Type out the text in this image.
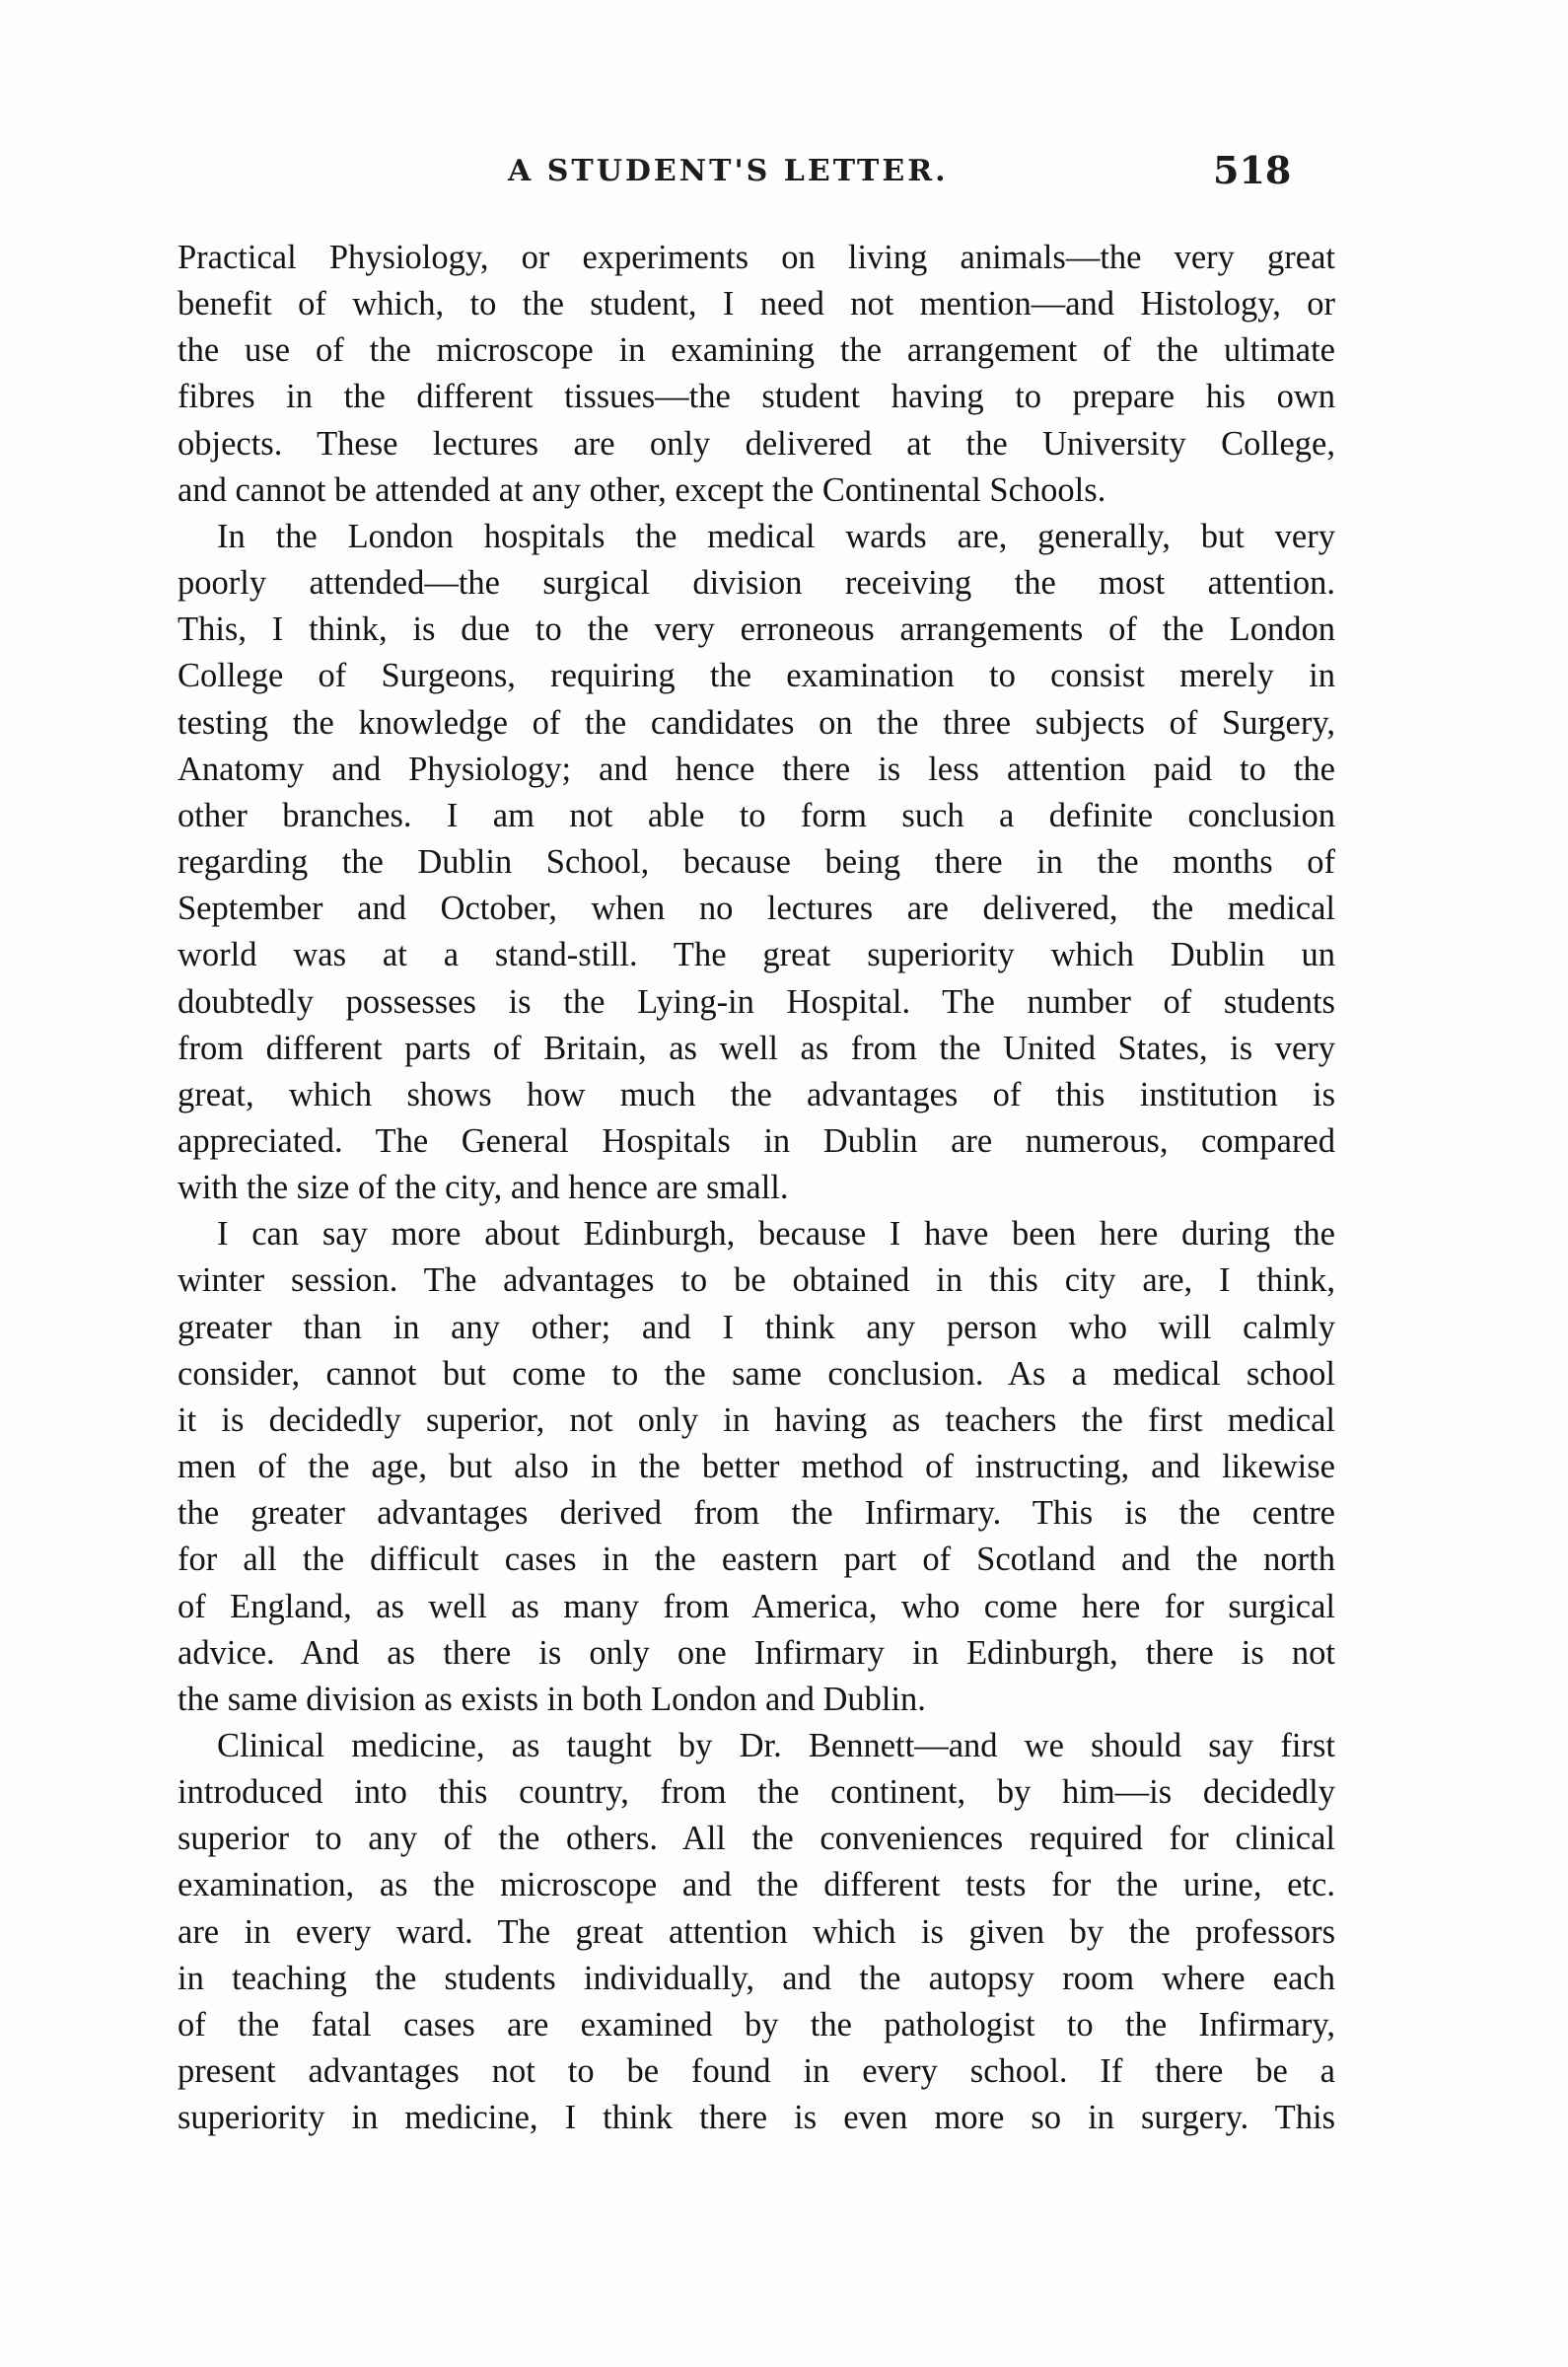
A STUDENT'S LETTER.	518

Practical Physiology, or experiments on living animals—the very great
benefit of which, to the student, I need not mention—and Histology, or
the use of the microscope in examining the arrangement of the ultimate
fibres in the different tissues—the student having to prepare his own
objects. These lectures are only delivered at the University College,
and cannot be attended at any other, except the Continental Schools.

In the London hospitals the medical wards are, generally, but very
poorly attended—the surgical division receiving the most attention.
This, I think, is due to the very erroneous arrangements of the London
College of Surgeons, requiring the examination to consist merely in
testing the knowledge of the candidates on the three subjects of Surgery,
Anatomy and Physiology; and hence there is less attention paid to the
other branches. I am not able to form such a definite conclusion
regarding the Dublin School, because being there in the months of
September and October, when no lectures are delivered, the medical
world was at a stand-still. The great superiority which Dublin un
doubtedly possesses is the Lying-in Hospital. The number of students
from different parts of Britain, as well as from the United States, is very
great, which shows how much the advantages of this institution is
appreciated. The General Hospitals in Dublin are numerous, compared
with the size of the city, and hence are small.

I can say more about Edinburgh, because I have been here during the
winter session. The advantages to be obtained in this city are, I think,
greater than in any other; and I think any person who will calmly
consider, cannot but come to the same conclusion. As a medical school
it is decidedly superior, not only in having as teachers the first medical
men of the age, but also in the better method of instructing, and likewise
the greater advantages derived from the Infirmary. This is the centre
for all the difficult cases in the eastern part of Scotland and the north
of England, as well as many from America, who come here for surgical
advice. And as there is only one Infirmary in Edinburgh, there is not
the same division as exists in both London and Dublin.

Clinical medicine, as taught by Dr. Bennett—and we should say first
introduced into this country, from the continent, by him—is decidedly
superior to any of the others. All the conveniences required for clinical
examination, as the microscope and the different tests for the urine, etc.
are in every ward. The great attention which is given by the professors
in teaching the students individually, and the autopsy room where each
of the fatal cases are examined by the pathologist to the Infirmary,
present advantages not to be found in every school. If there be a
superiority in medicine, I think there is even more so in surgery. This
